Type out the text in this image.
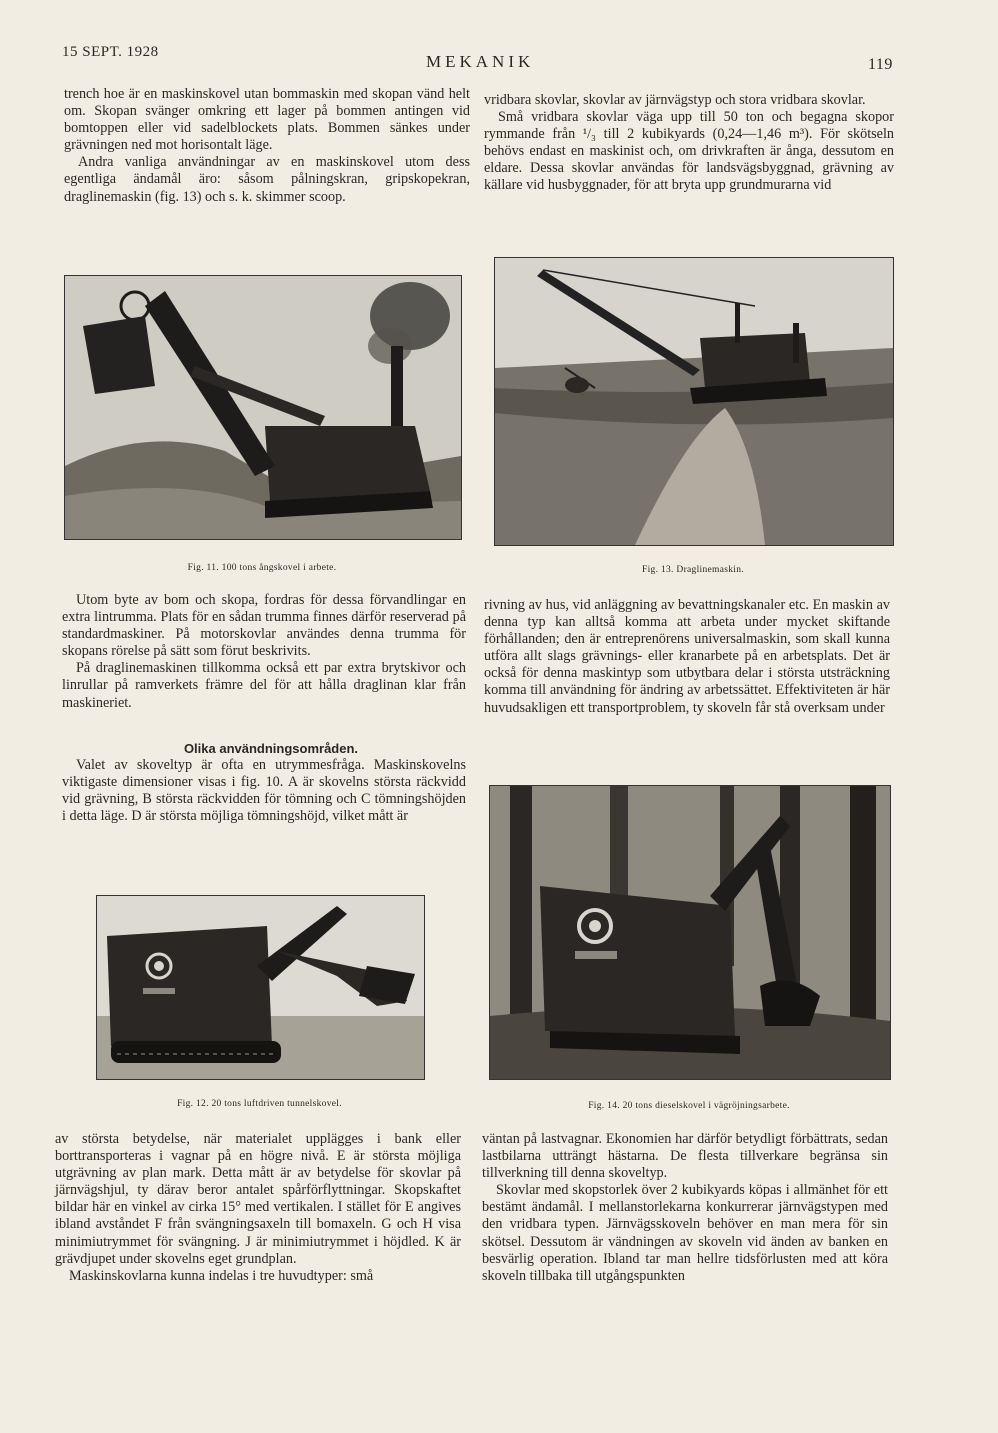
15 SEPT. 1928	MEKANIK	119

trench hoe är en maskinskovel utan bommaskin med skopan vänd helt om. Skopan svänger omkring ett lager på bommen antingen vid bomtoppen eller vid sadelblockets plats. Bommen sänkes under grävningen ned mot horisontalt läge.

Andra vanliga användningar av en maskinskovel utom dess egentliga ändamål äro: såsom pålningskran, gripskopekran, draglinemaskin (fig. 13) och s. k. skimmer scoop.

vridbara skovlar, skovlar av järnvägstyp och stora vridbara skovlar.

Små vridbara skovlar väga upp till 50 ton och begagna skopor rymmande från ¹/₃ till 2 kubikyards (0,24—1,46 m³). För skötseln behövs endast en maskinist och, om drivkraften är ånga, dessutom en eldare. Dessa skovlar användas för landsvägsbyggnad, grävning av källare vid husbyggnader, för att bryta upp grundmurarna vid

Fig. 11. 100 tons ångskovel i arbete.	Fig. 13. Draglinemaskin.

Utom byte av bom och skopa, fordras för dessa förvandlingar en extra lintrumma. Plats för en sådan trumma finnes därför reserverad på standardmaskiner. På motorskovlar användes denna trumma för skopans rörelse på sätt som förut beskrivits.

På draglinemaskinen tillkomma också ett par extra brytskivor och linrullar på ramverkets främre del för att hålla draglinan klar från maskineriet.

Olika användningsområden.

Valet av skoveltyp är ofta en utrymmesfråga. Maskinskovelns viktigaste dimensioner visas i fig. 10. A är skovelns största räckvidd vid grävning, B största räckvidden för tömning och C tömningshöjden i detta läge. D är största möjliga tömningshöjd, vilket mått är

rivning av hus, vid anläggning av bevattningskanaler etc. En maskin av denna typ kan alltså komma att arbeta under mycket skiftande förhållanden; den är entreprenörens universalmaskin, som skall kunna utföra allt slags grävnings- eller kranarbete på en arbetsplats. Det är också för denna maskintyp som utbytbara delar i största utsträckning komma till användning för ändring av arbetssättet. Effektiviteten är här huvudsakligen ett transportproblem, ty skoveln får stå overksam under

Fig. 12. 20 tons luftdriven tunnelskovel.	Fig. 14. 20 tons dieselskovel i vägröjningsarbete.

av största betydelse, när materialet upplägges i bank eller borttransporteras i vagnar på en högre nivå. E är största möjliga utgrävning av plan mark. Detta mått är av betydelse för skovlar på järnvägshjul, ty därav beror antalet spårförflyttningar. Skopskaftet bildar här en vinkel av cirka 15° med vertikalen. I stället för E angives ibland avståndet F från svängningsaxeln till bomaxeln. G och H visa minimiutrymmet för svängning. J är minimiutrymmet i höjdled. K är grävdjupet under skovelns eget grundplan.

Maskinskovlarna kunna indelas i tre huvudtyper: små

väntan på lastvagnar. Ekonomien har därför betydligt förbättrats, sedan lastbilarna utträngt hästarna. De flesta tillverkare begränsa sin tillverkning till denna skoveltyp.

Skovlar med skopstorlek över 2 kubikyards köpas i allmänhet för ett bestämt ändamål. I mellanstorlekarna konkurrerar järnvägstypen med den vridbara typen. Järnvägsskoveln behöver en man mera för sin skötsel. Dessutom är vändningen av skoveln vid änden av banken en besvärlig operation. Ibland tar man hellre tidsförlusten med att köra skoveln tillbaka till utgångspunkten
